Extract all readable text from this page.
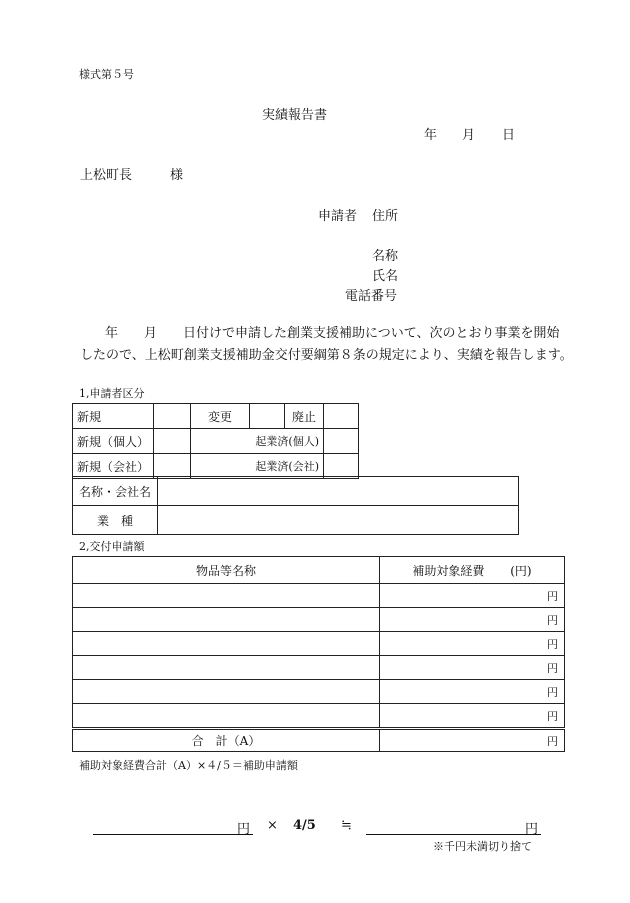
様式第５号
実績報告書
年 月 日
上松町長	様
申請者 住所
名称
氏名
電話番号
年　　月　　日付けで申請した創業支援補助について、次のとおり事業を開始
したので、上松町創業支援補助金交付要綱第８条の規定により、実績を報告します。
1,申請者区分
新規		変更		廃止	
新規（個人）		起業済(個人)			
新規（会社）		起業済(会社)			
名称・会社名	
業　種	
2,交付申請額
物品等名称	補助対象経費 (円)
	円
	円
	円
	円
	円
	円
合　計（A）	円
補助対象経費合計（A）×４/５＝補助申請額
円 × 4/5 ≒	円
※千円未満切り捨て
